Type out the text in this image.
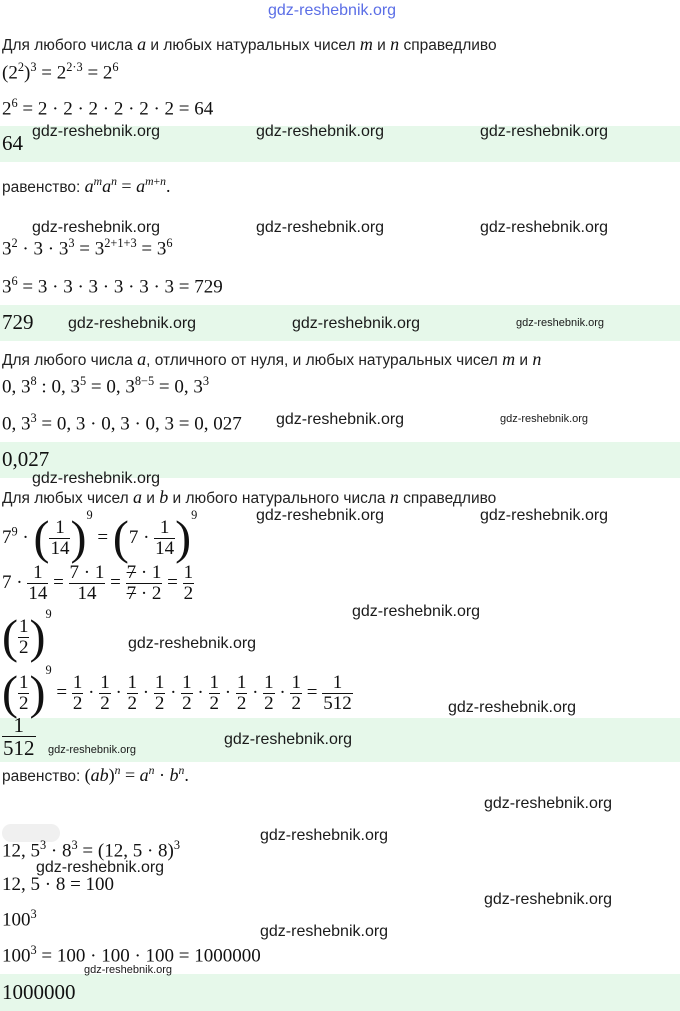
gdz-reshebnik.org
Для любого числа a и любых натуральных чисел m и n справедливо
$(2^2)^3 = 2^{2\cdot 3} = 2^6$
$2^6 = 2 \cdot 2 \cdot 2 \cdot 2 \cdot 2 \cdot 2 = 64$
64
равенство: $a^ma^n = a^{m+n}$.
$3^2 \cdot 3 \cdot 3^3 = 3^{2+1+3} = 3^6$
$3^6 = 3 \cdot 3 \cdot 3 \cdot 3 \cdot 3 \cdot 3 = 729$
729
Для любого числа a, отличного от нуля, и любых натуральных чисел m и n
0, $3^8$ : 0, $3^5 = 0$, $3^{8-5} = 0$, $3^3$
0, $3^3 = 0$, 3 · 0, 3 · 0, 3 = 0, 027
0,027
Для любых чисел a и b и любого натурального числа n справедливо
$7^9$ · ( $\frac{1}{14} )^9 = (7 \cdot \frac{1}{14} )^9$
$7 \cdot \frac{1}{14} = \frac{7 \cdot 1}{14} = \frac{7 \cdot 1}{7 \cdot 2} = \frac{1}{2}$
( $\frac{1}{2} )^9$
( $\frac{1}{2} )^9 = \frac{1}{2} \cdot \frac{1}{2} \cdot \frac{1}{2} \cdot \frac{1}{2} \cdot \frac{1}{2} \cdot \frac{1}{2} \cdot \frac{1}{2} \cdot \frac{1}{2} \cdot \frac{1}{2} = \frac{1}{512}$
$\frac{1}{512}$
равенство: $(ab)^n = a^n \cdot b^n$.
12, $5^3 \cdot 8^3 = (12$, 5 · 8)$^3$
12, 5 · 8 = 100
$100^3$
$100^3 = 100 \cdot 100 \cdot 100 = 1000000$
1000000
gdz-reshebnik.org	gdz-reshebnik.org	gdz-reshebnik.org
gdz-reshebnik.org	gdz-reshebnik.org	gdz-reshebnik.org
gdz-reshebnik.org	gdz-reshebnik.org	gdz-reshebnik.org
gdz-reshebnik.org	gdz-reshebnik.org
gdz-reshebnik.org
gdz-reshebnik.org	gdz-reshebnik.org
gdz-reshebnik.org
gdz-reshebnik.org
gdz-reshebnik.org
gdz-reshebnik.org
gdz-reshebnik.org
gdz-reshebnik.org
gdz-reshebnik.org
gdz-reshebnik.org
gdz-reshebnik.org
gdz-reshebnik.org
gdz-reshebnik.org
